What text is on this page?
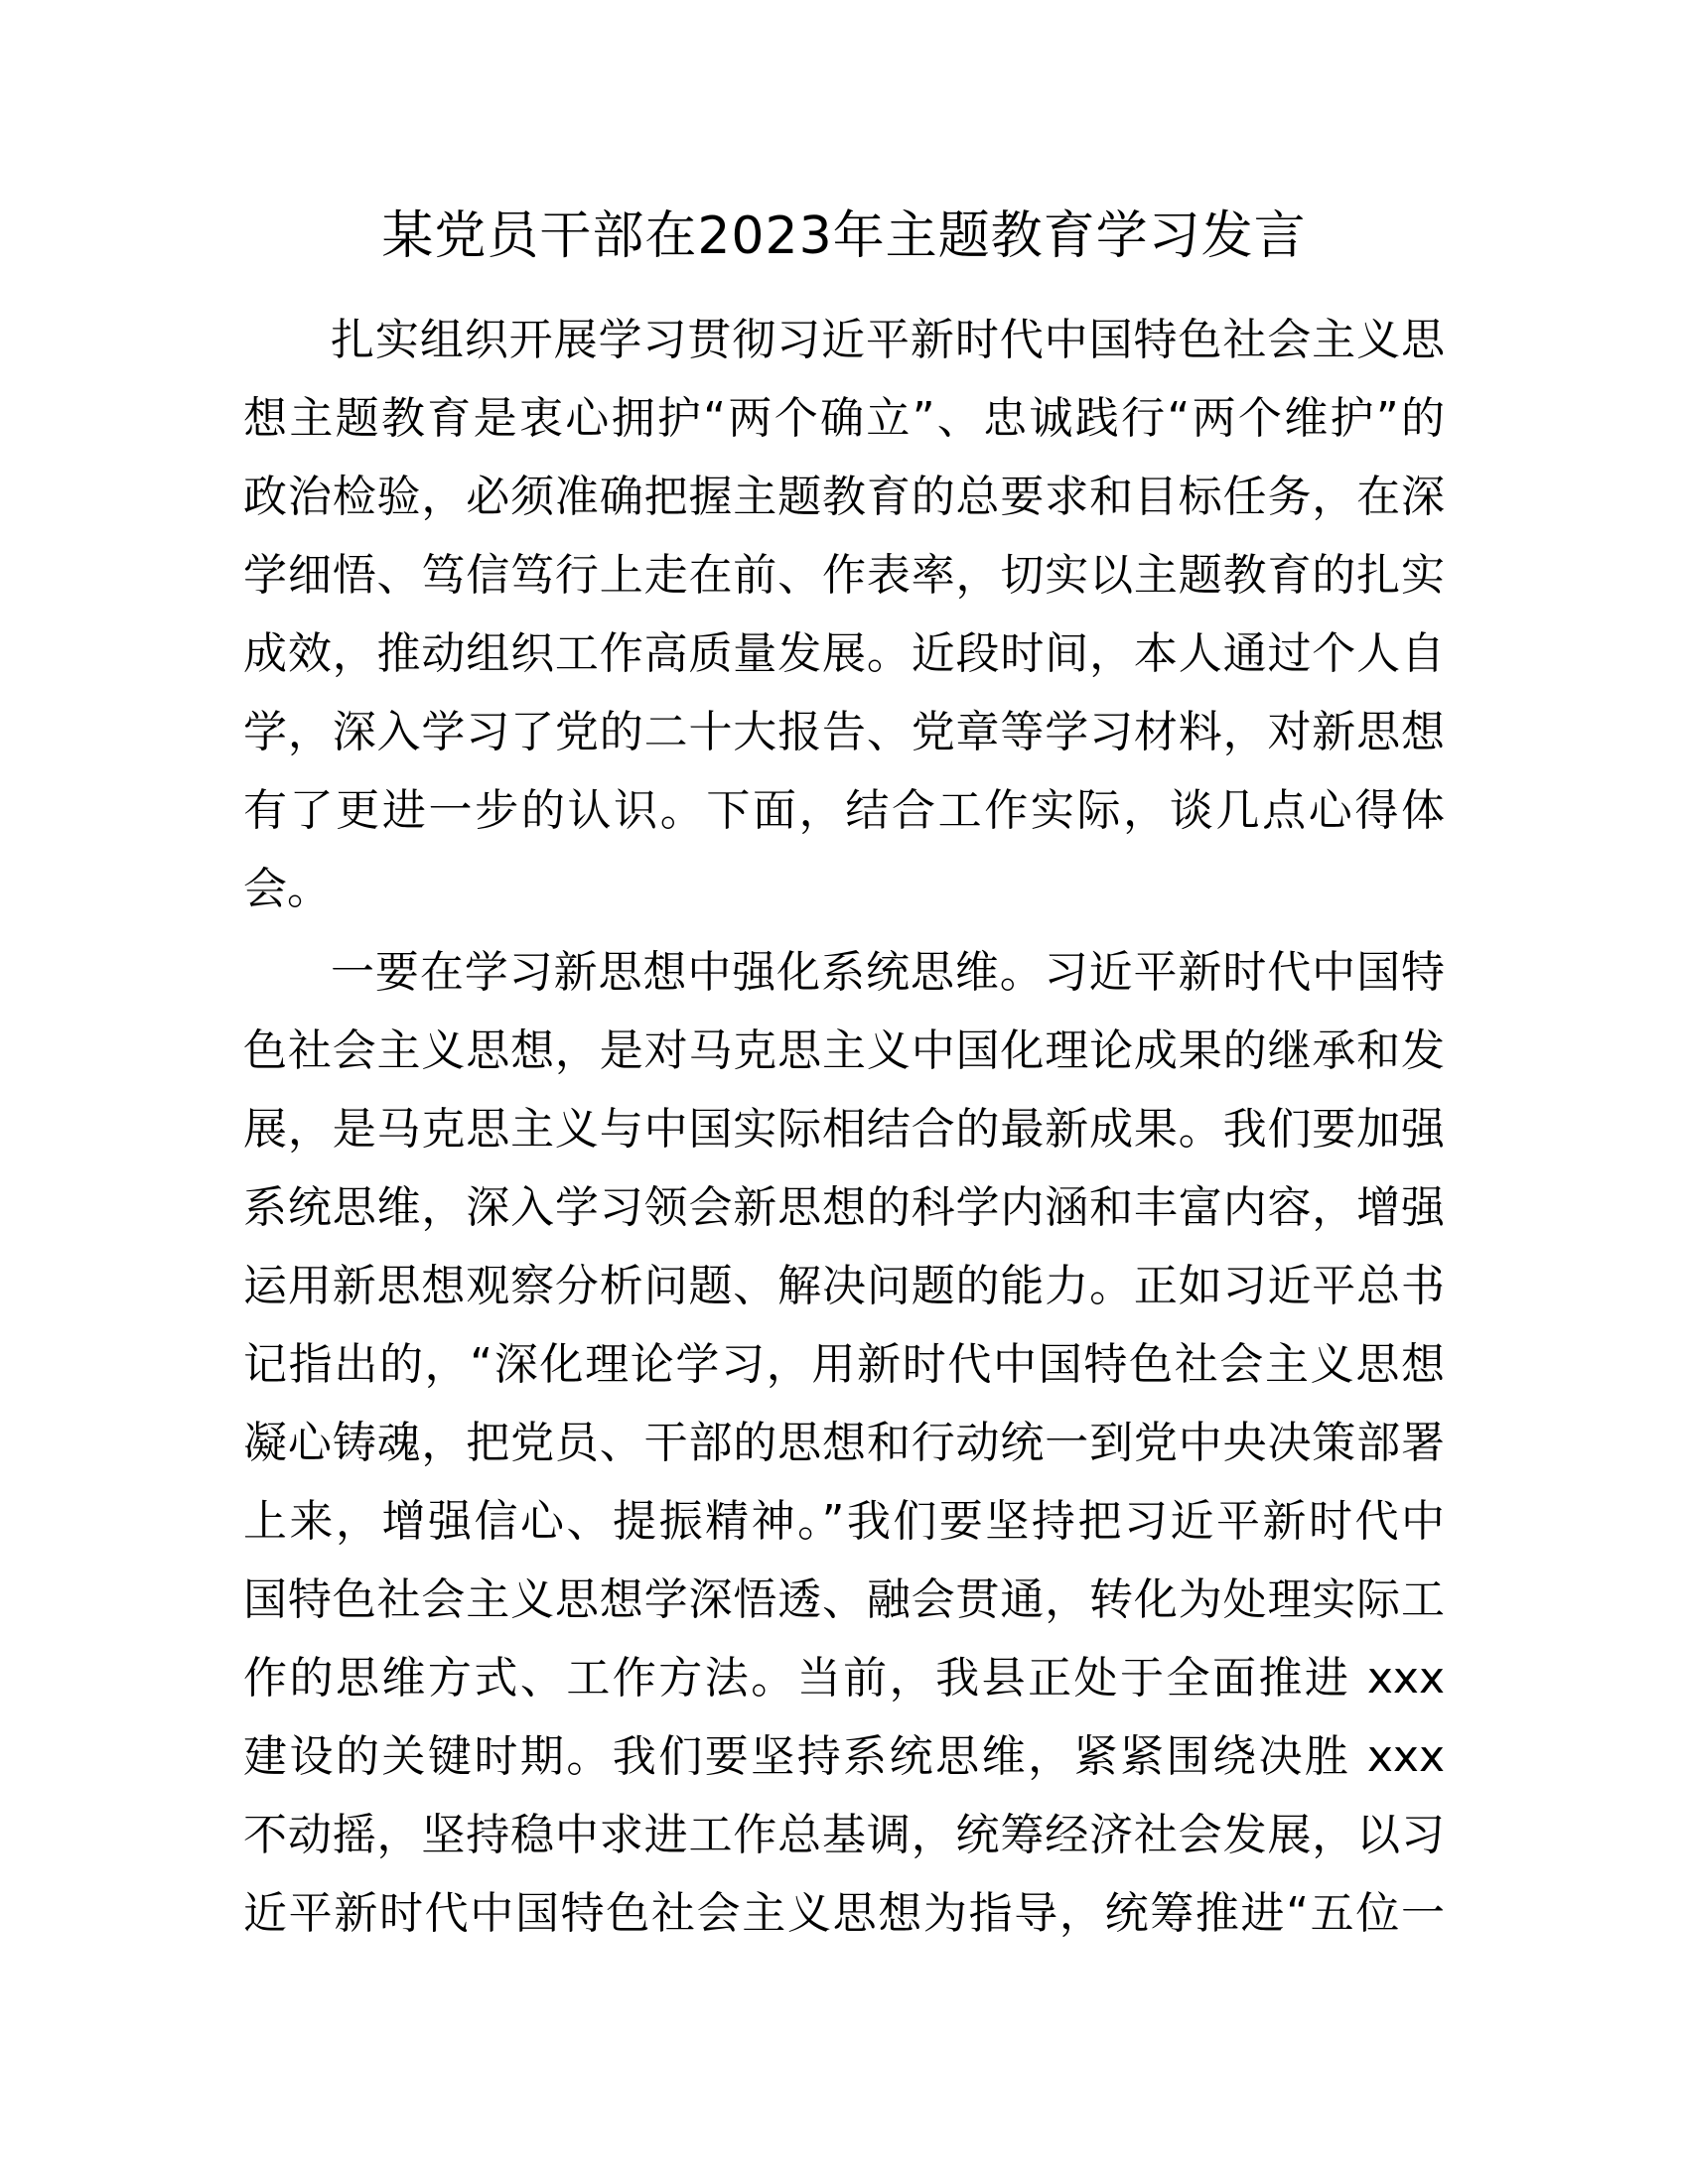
某党员干部在2023年主题教育学习发言
扎实组织开展学习贯彻习近平新时代中国特色社会主义思
想主题教育是衷心拥护“两个确立”、忠诚践行“两个维护”的
政治检验，必须准确把握主题教育的总要求和目标任务，在深
学细悟、笃信笃行上走在前、作表率，切实以主题教育的扎实
成效，推动组织工作高质量发展。近段时间，本人通过个人自
学，深入学习了党的二十大报告、党章等学习材料，对新思想
有了更进一步的认识。下面，结合工作实际，谈几点心得体
会。
一要在学习新思想中强化系统思维。习近平新时代中国特
色社会主义思想，是对马克思主义中国化理论成果的继承和发
展，是马克思主义与中国实际相结合的最新成果。我们要加强
系统思维，深入学习领会新思想的科学内涵和丰富内容，增强
运用新思想观察分析问题、解决问题的能力。正如习近平总书
记指出的，“深化理论学习，用新时代中国特色社会主义思想
凝心铸魂，把党员、干部的思想和行动统一到党中央决策部署
上来，增强信心、提振精神。”我们要坚持把习近平新时代中
国特色社会主义思想学深悟透、融会贯通，转化为处理实际工
作的思维方式、工作方法。当前，我县正处于全面推进 xxx
建设的关键时期。我们要坚持系统思维，紧紧围绕决胜 xxx
不动摇，坚持稳中求进工作总基调，统筹经济社会发展，以习
近平新时代中国特色社会主义思想为指导，统筹推进“五位一
